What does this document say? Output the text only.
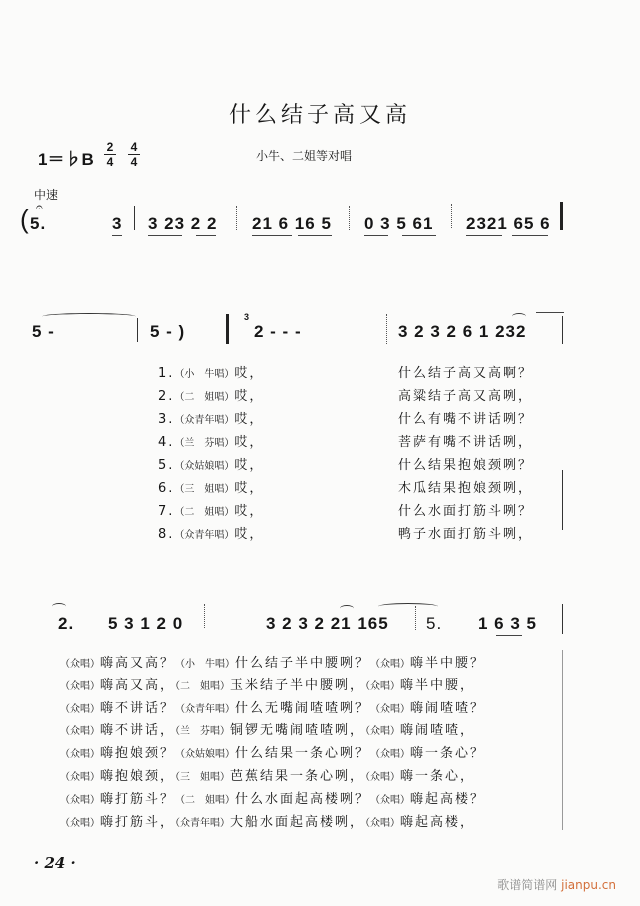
什么结子高又高
1＝♭B
2
4
4
4	小牛、二姐等对唱
中速
( 𝄐
5.	3 3 23 2 2 21 6 16 5 0 3 5 61 2321 65 6
5 -	5 - )
3
2 - - -	3 2 3 2 6 1 232
1.（小　牛唱）哎，	什么结子高又高啊？
2.（二　姐唱）哎，	高粱结子高又高咧，
3.（众青年唱）哎，	什么有嘴不讲话咧？
4.（兰　芬唱）哎，	菩萨有嘴不讲话咧，
5.（众姑娘唱）哎，	什么结果抱娘颈咧？
6.（三　姐唱）哎，	木瓜结果抱娘颈咧，
7.（二　姐唱）哎，	什么水面打筋斗咧？
8.（众青年唱）哎，	鸭子水面打筋斗咧，
2. 5 3 1 2 0	3 2 3 2 21 165 5. 1 6 3 5
（众唱）嗨高又高？（小　牛唱）什么结子半中腰咧？（众唱）嗨半中腰？
（众唱）嗨高又高，（二　姐唱）玉米结子半中腰咧，（众唱）嗨半中腰，
（众唱）嗨不讲话？（众青年唱）什么无嘴闹喳喳咧？（众唱）嗨闹喳喳？
（众唱）嗨不讲话，（兰　芬唱）铜锣无嘴闹喳喳咧，（众唱）嗨闹喳喳，
（众唱）嗨抱娘颈？（众姑娘唱）什么结果一条心咧？（众唱）嗨一条心？
（众唱）嗨抱娘颈，（三　姐唱）芭蕉结果一条心咧，（众唱）嗨一条心，
（众唱）嗨打筋斗？（二　姐唱）什么水面起高楼咧？（众唱）嗨起高楼？
（众唱）嗨打筋斗，（众青年唱）大船水面起高楼咧，（众唱）嗨起高楼，
· 24 ·
歌谱简谱网 jianpu.cn
